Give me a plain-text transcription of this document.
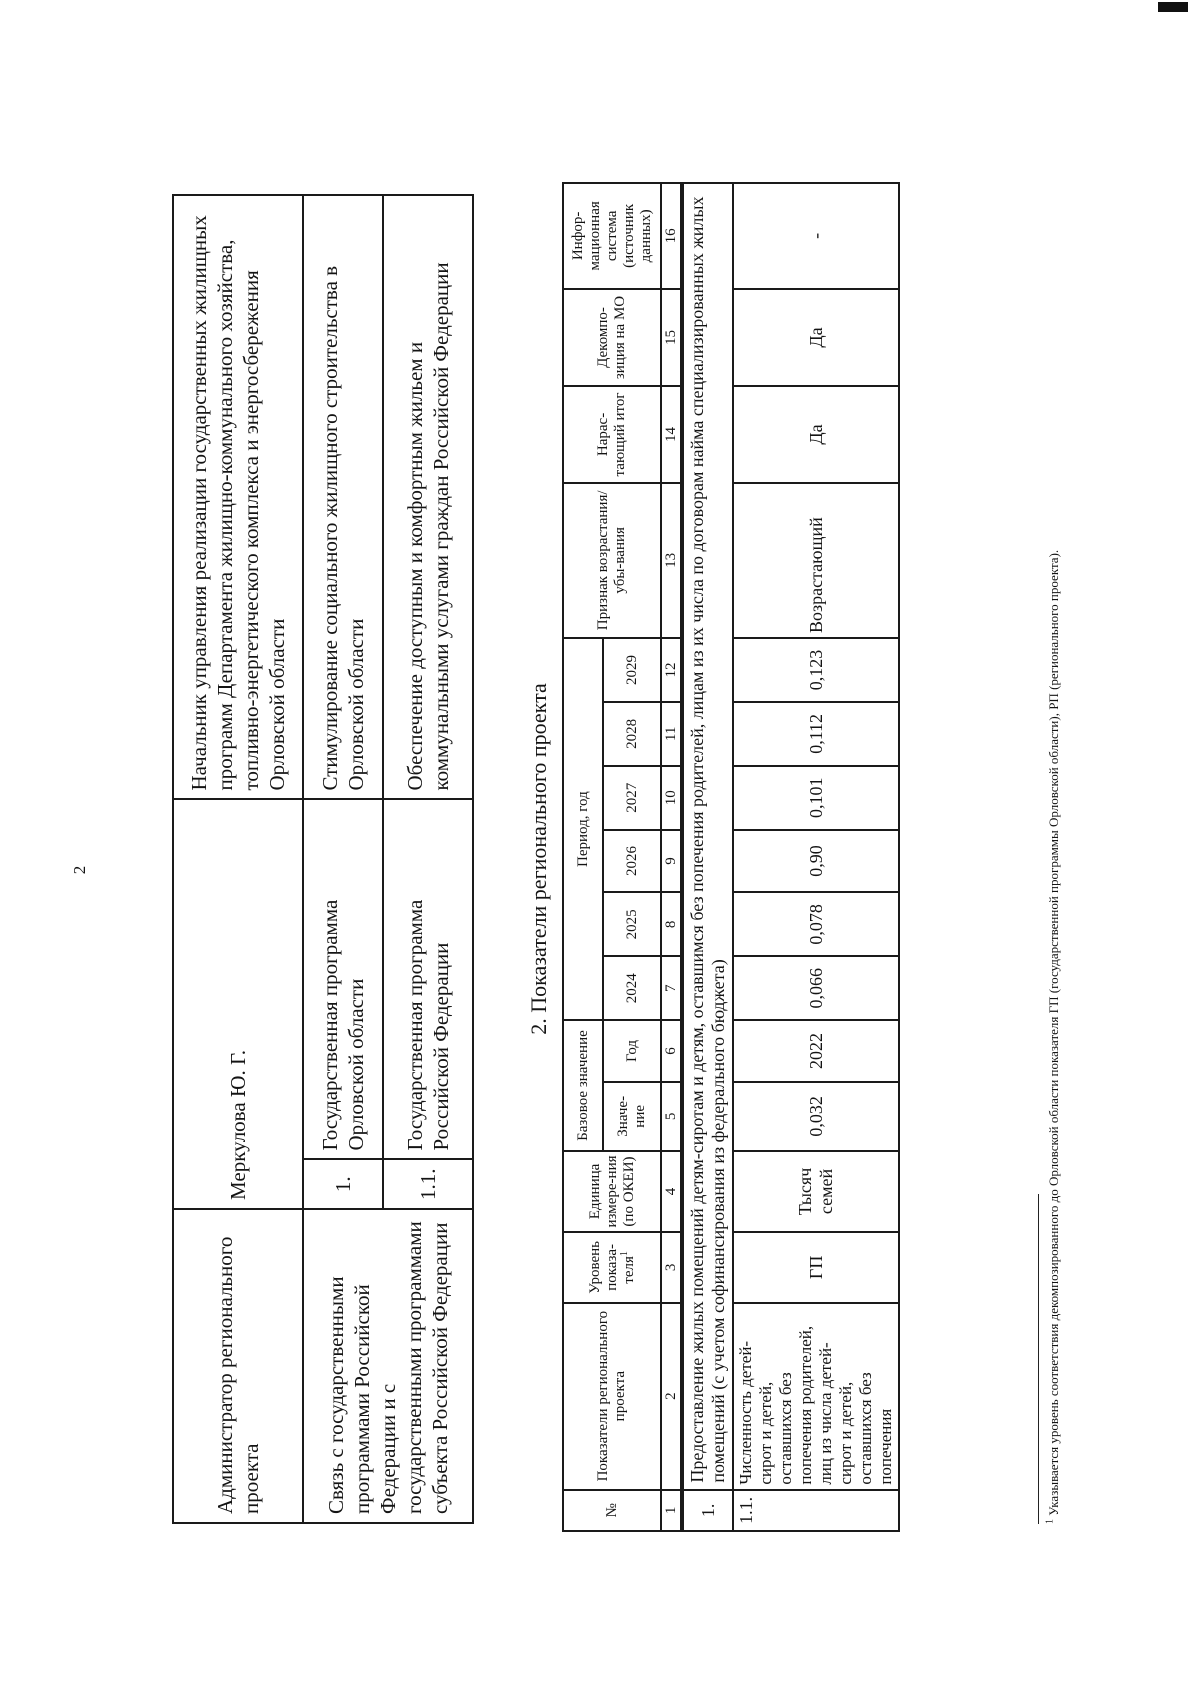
2
Администратор регионального проекта	Меркулова Ю. Г.		Начальник управления реализации государственных жилищных программ Департамента жилищно-коммунального хозяйства, топливно-энергетического комплекса и энергосбережения Орловской области
Связь с государственными программами Российской Федерации и с государственными программами субъекта Российской Федерации	1.	Государственная программа Орловской области	Стимулирование социального жилищного строительства в Орловской области
	1.1.	Государственная программа Российской Федерации	Обеспечение доступным и комфортным жильем и коммунальными услугами граждан Российской Федерации
2. Показатели регионального проекта
№	Показатели регионального проекта	Уровень показа-теля$^1$	Единица измере-ния (по ОКЕИ)	Базовое значение		Период, год						Признак возрастания/убы-вания	Нарас-тающий итог	Декомпо-зиция на МО	Инфор-мационная система (источник данных)
				Значе-ние	Год	2024	2025	2026	2027	2028	2029				
1	2	3	4	5	6	7	8	9	10	11	12	13	14	15	16
1.	Предоставление жилых помещений детям-сиротам и детям, оставшимся без попечения родителей, лицам из их числа по договорам найма специализированных жилых помещений (с учетом софинансирования из федерального бюджета)														
1.1.	Численность детей-сирот и детей, оставшихся без попечения родителей, лиц из числа детей-сирот и детей, оставшихся без попечения	ГП	Тысяч семей	0,032	2022	0,066	0,078	0,90	0,101	0,112	0,123	Возрастающий	Да	Да	-
$^1$ Указывается уровень соответствия декомпозированного до Орловской области показателя ГП (государственной программы Орловской области), РП (регионального проекта).
